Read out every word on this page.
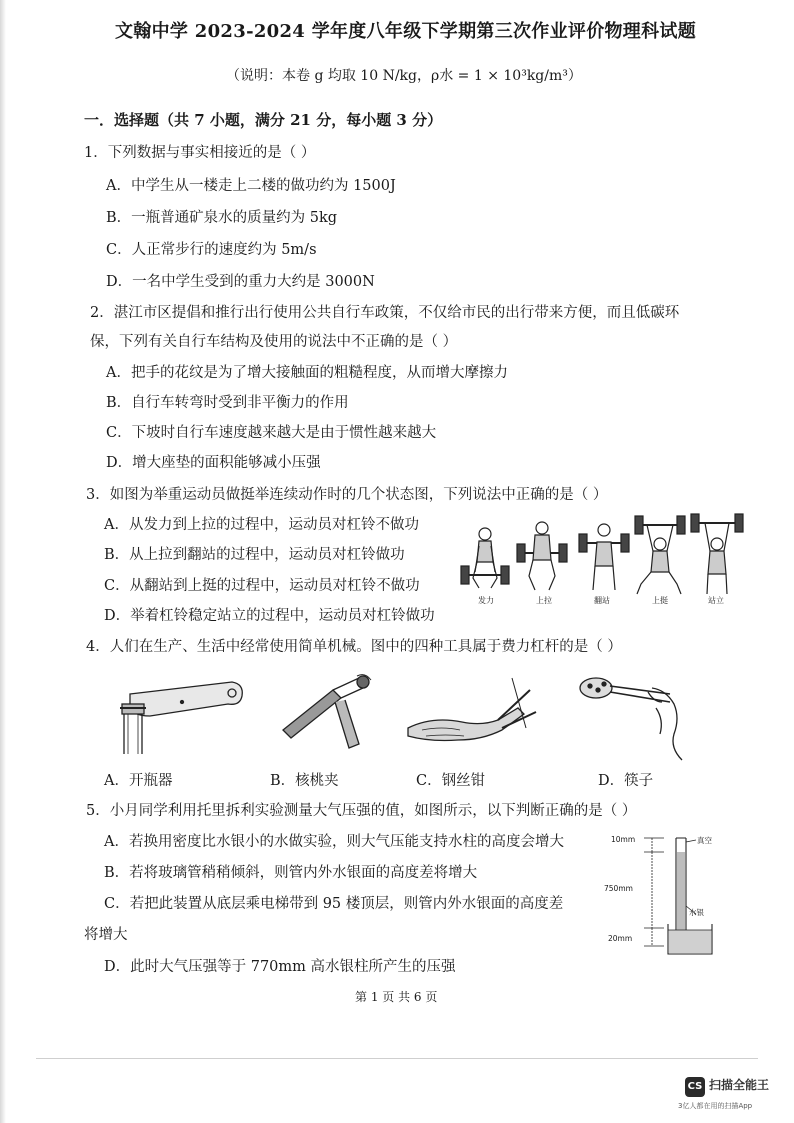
文翰中学 2023-2024 学年度八年级下学期第三次作业评价物理科试题
（说明：本卷 g 均取 10 N/kg，ρ水 = 1 × 10³kg/m³）
一．选择题（共 7 小题，满分 21 分，每小题 3 分）
1．下列数据与事实相接近的是（ ）
A．中学生从一楼走上二楼的做功约为 1500J
B．一瓶普通矿泉水的质量约为 5kg
C．人正常步行的速度约为 5m/s
D．一名中学生受到的重力大约是 3000N
2．湛江市区提倡和推行出行使用公共自行车政策，不仅给市民的出行带来方便，而且低碳环
保，下列有关自行车结构及使用的说法中不正确的是（ ）
A．把手的花纹是为了增大接触面的粗糙程度，从而增大摩擦力
B．自行车转弯时受到非平衡力的作用
C．下坡时自行车速度越来越大是由于惯性越来越大
D．增大座垫的面积能够减小压强
3．如图为举重运动员做挺举连续动作时的几个状态图，下列说法中正确的是（ ）
A．从发力到上拉的过程中，运动员对杠铃不做功
B．从上拉到翻站的过程中，运动员对杠铃做功
C．从翻站到上挺的过程中，运动员对杠铃不做功
D．举着杠铃稳定站立的过程中，运动员对杠铃做功
发力	上拉	翻站	上挺	站立
4．人们在生产、生活中经常使用简单机械。图中的四种工具属于费力杠杆的是（ ）
A．开瓶器	B．核桃夹	C．钢丝钳	D．筷子
5．小月同学利用托里拆利实验测量大气压强的值，如图所示，以下判断正确的是（ ）
A．若换用密度比水银小的水做实验，则大气压能支持水柱的高度会增大
B．若将玻璃管稍稍倾斜，则管内外水银面的高度差将增大
C．若把此装置从底层乘电梯带到 95 楼顶层，则管内外水银面的高度差
将增大
D．此时大气压强等于 770mm 高水银柱所产生的压强
10mm	真空
750mm
水银
20mm
第 1 页 共 6 页
CS 扫描全能王
3亿人都在用的扫描App
